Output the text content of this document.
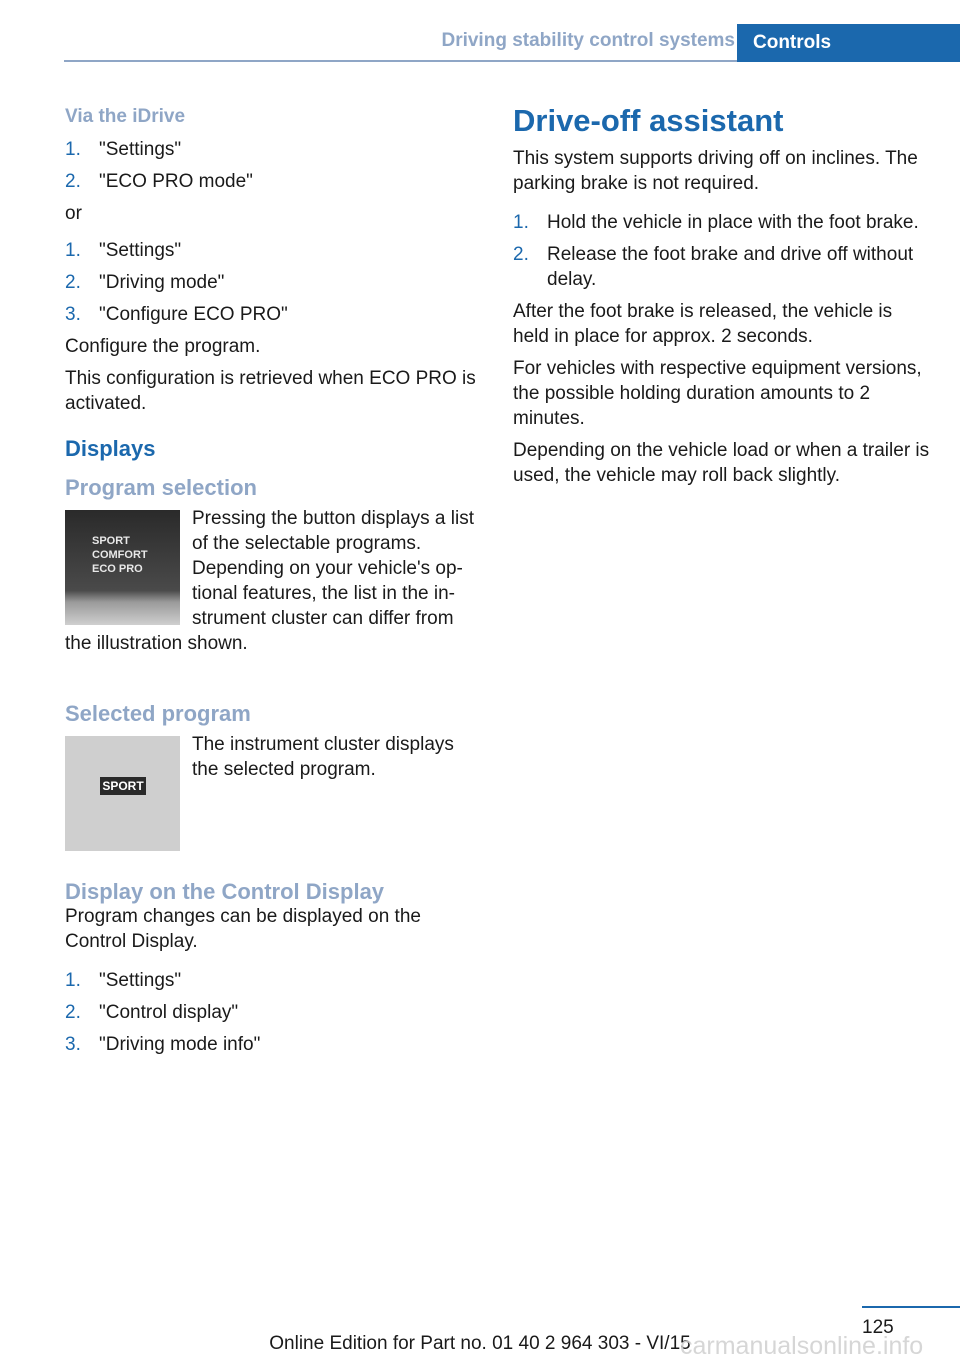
Driving stability control systems Controls
Via the iDrive
1. "Settings"
2. "ECO PRO mode"

or

1. "Settings"
2. "Driving mode"
3. "Configure ECO PRO"

Configure the program.

This configuration is retrieved when ECO PRO is activated.

Displays
Program selection
SPORT
COMFORT
ECO PRO

Pressing the button displays a list of the selectable programs. Depending on your vehicle's optional features, the list in the instrument cluster can differ from the illustration shown.

Selected program
SPORT

The instrument cluster displays the selected program.

Display on the Control Display

Program changes can be displayed on the Control Display.

1. "Settings"
2. "Control display"
3. "Driving mode info"
Drive-off assistant

This system supports driving off on inclines. The parking brake is not required.

1. Hold the vehicle in place with the foot brake.
2. Release the foot brake and drive off without delay.

After the foot brake is released, the vehicle is held in place for approx. 2 seconds.

For vehicles with respective equipment versions, the possible holding duration amounts to 2 minutes.

Depending on the vehicle load or when a trailer is used, the vehicle may roll back slightly.

125
Online Edition for Part no. 01 40 2 964 303 - VI/15
carmanualsonline.info
